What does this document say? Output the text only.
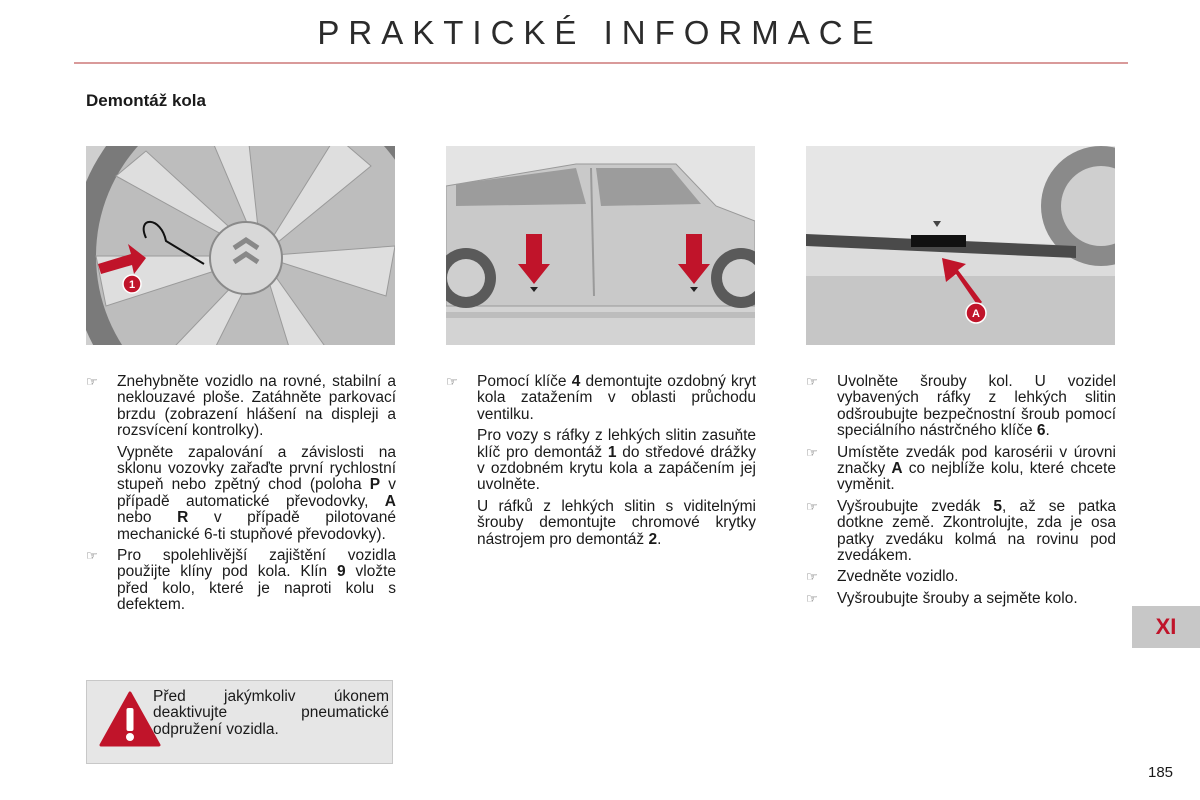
PRAKTICKÉ INFORMACE
Demontáž kola
1
A
☞ Znehybněte vozidlo na rovné, stabilní a neklouzavé ploše. Zatáhněte parkovací brzdu (zobrazení hlášení na displeji a rozsvícení kontrolky).
Vypněte zapalování a závislosti na sklonu vozovky zařaďte první rychlostní stupeň nebo zpětný chod (poloha P v případě automatické převodovky, A nebo R v případě pilotované mechanické 6-ti stupňové převodovky).
☞ Pro spolehlivější zajištění vozidla použijte klíny pod kola. Klín 9 vložte před kolo, které je naproti kolu s defektem.
☞ Pomocí klíče 4 demontujte ozdobný kryt kola zatažením v oblasti průchodu ventilku.
Pro vozy s ráfky z lehkých slitin zasuňte klíč pro demontáž 1 do středové drážky v ozdobném krytu kola a zapáčením jej uvolněte.
U ráfků z lehkých slitin s viditelnými šrouby demontujte chromové krytky nástrojem pro demontáž 2.
☞ Uvolněte šrouby kol. U vozidel vybavených ráfky z lehkých slitin odšroubujte bezpečnostní šroub pomocí speciálního nástrčného klíče 6.
☞ Umístěte zvedák pod karosérii v úrovni značky A co nejblíže kolu, které chcete vyměnit.
☞ Vyšroubujte zvedák 5, až se patka dotkne země. Zkontrolujte, zda je osa patky zvedáku kolmá na rovinu pod zvedákem.
☞ Zvedněte vozidlo.
☞ Vyšroubujte šrouby a sejměte kolo.
Před jakýmkoliv úkonem deaktivujte pneumatické odpružení vozidla.
XI
185
